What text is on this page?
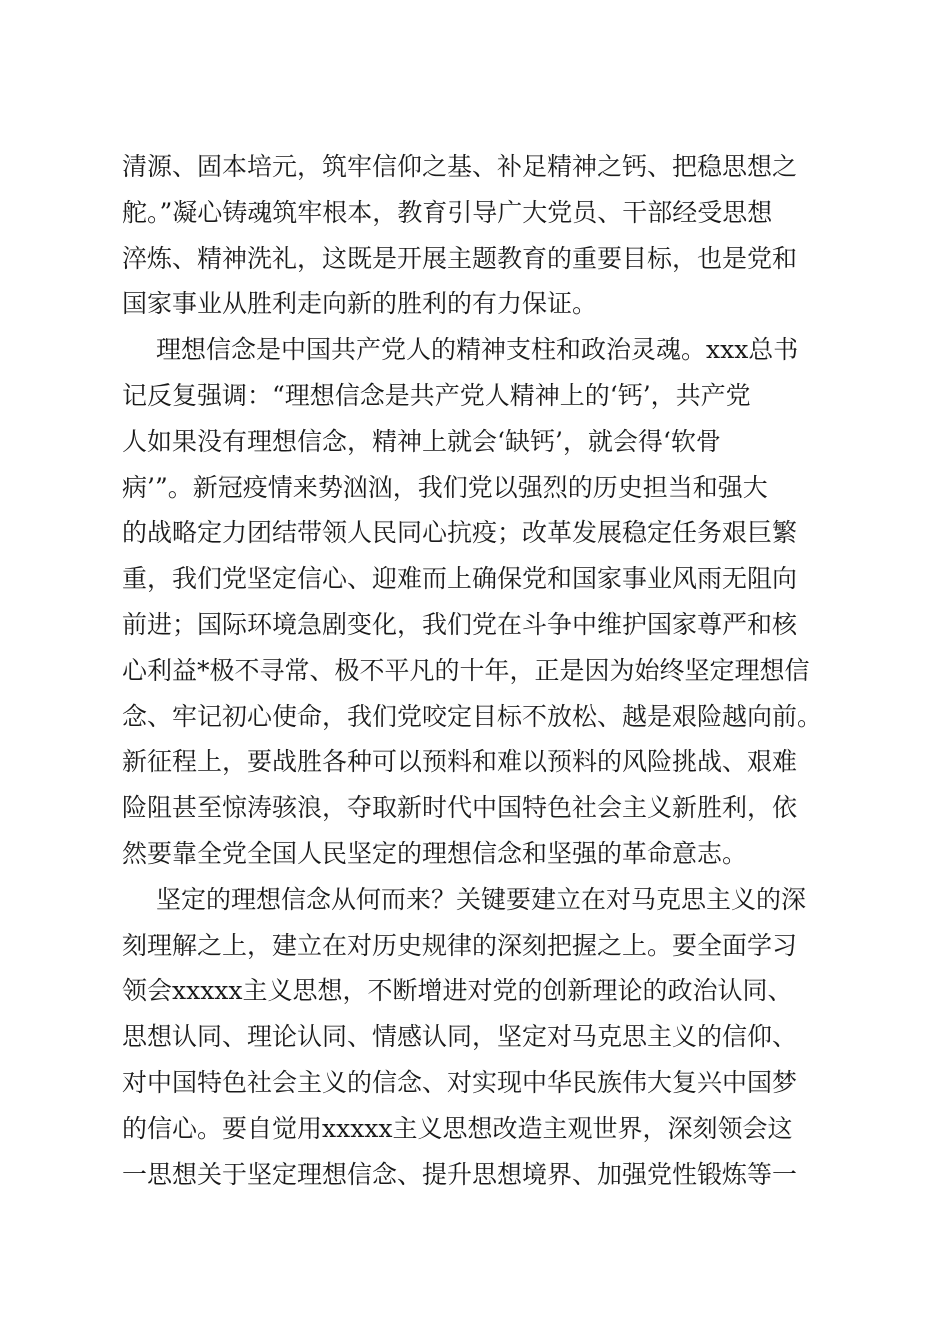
清源、固本培元，筑牢信仰之基、补足精神之钙、把稳思想之
舵。”凝心铸魂筑牢根本，教育引导广大党员、干部经受思想
淬炼、精神洗礼，这既是开展主题教育的重要目标，也是党和
国家事业从胜利走向新的胜利的有力保证。
理想信念是中国共产党人的精神支柱和政治灵魂。xxx总书
记反复强调：“理想信念是共产党人精神上的‘钙’，共产党
人如果没有理想信念，精神上就会‘缺钙’，就会得‘软骨
病’”。新冠疫情来势汹汹，我们党以强烈的历史担当和强大
的战略定力团结带领人民同心抗疫；改革发展稳定任务艰巨繁
重，我们党坚定信心、迎难而上确保党和国家事业风雨无阻向
前进；国际环境急剧变化，我们党在斗争中维护国家尊严和核
心利益*极不寻常、极不平凡的十年，正是因为始终坚定理想信
念、牢记初心使命，我们党咬定目标不放松、越是艰险越向前。
新征程上，要战胜各种可以预料和难以预料的风险挑战、艰难
险阻甚至惊涛骇浪，夺取新时代中国特色社会主义新胜利，依
然要靠全党全国人民坚定的理想信念和坚强的革命意志。
坚定的理想信念从何而来？关键要建立在对马克思主义的深
刻理解之上，建立在对历史规律的深刻把握之上。要全面学习
领会xxxxx主义思想，不断增进对党的创新理论的政治认同、
思想认同、理论认同、情感认同，坚定对马克思主义的信仰、
对中国特色社会主义的信念、对实现中华民族伟大复兴中国梦
的信心。要自觉用xxxxx主义思想改造主观世界，深刻领会这
一思想关于坚定理想信念、提升思想境界、加强党性锻炼等一
